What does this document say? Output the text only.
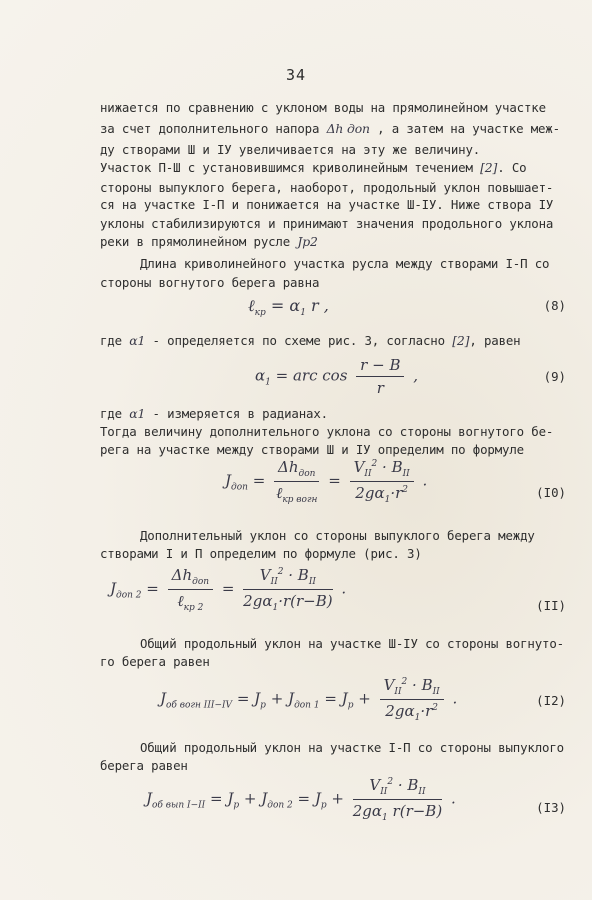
34
нижается по сравнению с уклоном воды на прямолинейном участке
за счет дополнительного напора Δh доп , а затем на участке меж-
ду створами Ш и IУ увеличивается на эту же величину.
Участок П-Ш с установившимся криволинейным течением [2]. Со
стороны выпуклого берега, наоборот, продольный уклон повышает-
ся на участке I-П и понижается на участке Ш-IУ. Ниже створа IУ
уклоны стабилизируются и принимают значения продольного уклона
реки в прямолинейном русле Jр2
Длина криволинейного участка русла между створами I-П со
стороны вогнутого берега равна
ℓ$_{кр}$ = $\alpha_1$ r ,	(8)
где α1 - определяется по схеме рис. 3, согласно [2], равен
$\alpha_1$ = arc $\cos \frac{r - B}{r}$ ,	(9)
где α1 - измеряется в радианах.
Тогда величину дополнительного уклона со стороны вогнутого бе-
рега на участке между створами Ш и IУ определим по формуле
$J_{доп} = \frac{\Delta h_{доп}}{\ell_{кр вогн}} = \frac{V_{II}^2 \cdot B_{II}}{2g\alpha_1\cdot r^2}$ .
(I0)
Дополнительный уклон со стороны выпуклого берега между
створами I и П определим по формуле (рис. 3)
$J_{доп 2} = \frac{\Delta h_{доп}}{\ell_{кр 2}} = \frac{V_{II}^2 \cdot B_{II}}{2g\alpha_1\cdot r(r-B)}$ .
(II)
Общий продольный уклон на участке Ш-IУ со стороны вогнуто-
го берега равен
$J_{об вогн III-IV} = J_р + J_{доп 1} = J_р + \frac{V_{II}^2 \cdot B_{II}}{2g\alpha_1\cdot r^2}$ .	(I2)
Общий продольный уклон на участке I-П со стороны выпуклого
берега равен
$J_{об вып I-II} = J_р + J_{доп 2} = J_р + \frac{V_{II}^2 \cdot B_{II}}{2g\alpha_1 r(r-B)}$ .	(I3)
